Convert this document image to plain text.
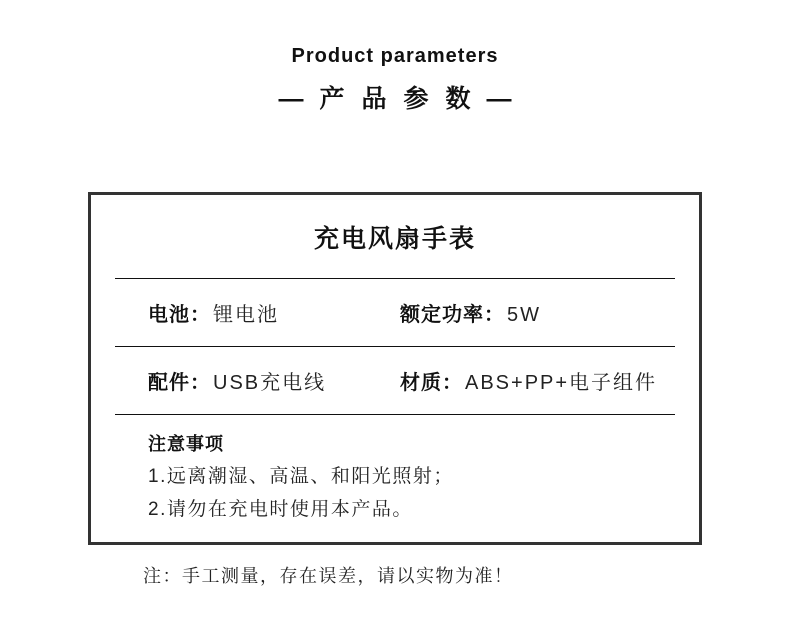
Product parameters
— 产品参数 —
充电风扇手表
电池： 锂电池	额定功率： 5W
配件： USB充电线	材质： ABS+PP+电子组件
注意事项
1.远离潮湿、高温、和阳光照射；
2.请勿在充电时使用本产品。
注：手工测量，存在误差，请以实物为准！
